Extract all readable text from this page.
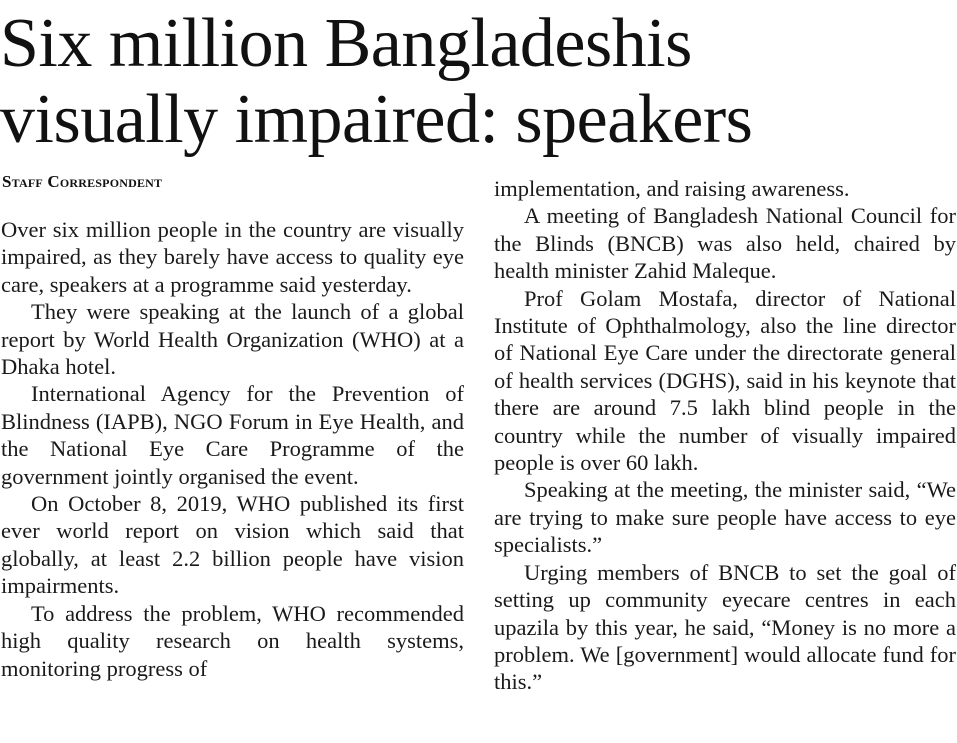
Six million Bangladeshis
visually impaired: speakers
Staff Correspondent

Over six million people in the country are visually impaired, as they barely have access to quality eye care, speakers at a programme said yesterday.

They were speaking at the launch of a global report by World Health Organization (WHO) at a Dhaka hotel.

International Agency for the Prevention of Blindness (IAPB), NGO Forum in Eye Health, and the National Eye Care Programme of the government jointly organised the event.

On October 8, 2019, WHO published its first ever world report on vision which said that globally, at least 2.2 billion people have vision impairments.

To address the problem, WHO recommended high quality research on health systems, monitoring progress of

implementation, and raising awareness.

A meeting of Bangladesh National Council for the Blinds (BNCB) was also held, chaired by health minister Zahid Maleque.

Prof Golam Mostafa, director of National Institute of Ophthalmology, also the line director of National Eye Care under the directorate general of health services (DGHS), said in his keynote that there are around 7.5 lakh blind people in the country while the number of visually impaired people is over 60 lakh.

Speaking at the meeting, the minister said, “We are trying to make sure people have access to eye specialists.”

Urging members of BNCB to set the goal of setting up community eyecare centres in each upazila by this year, he said, “Money is no more a problem. We [government] would allocate fund for this.”
